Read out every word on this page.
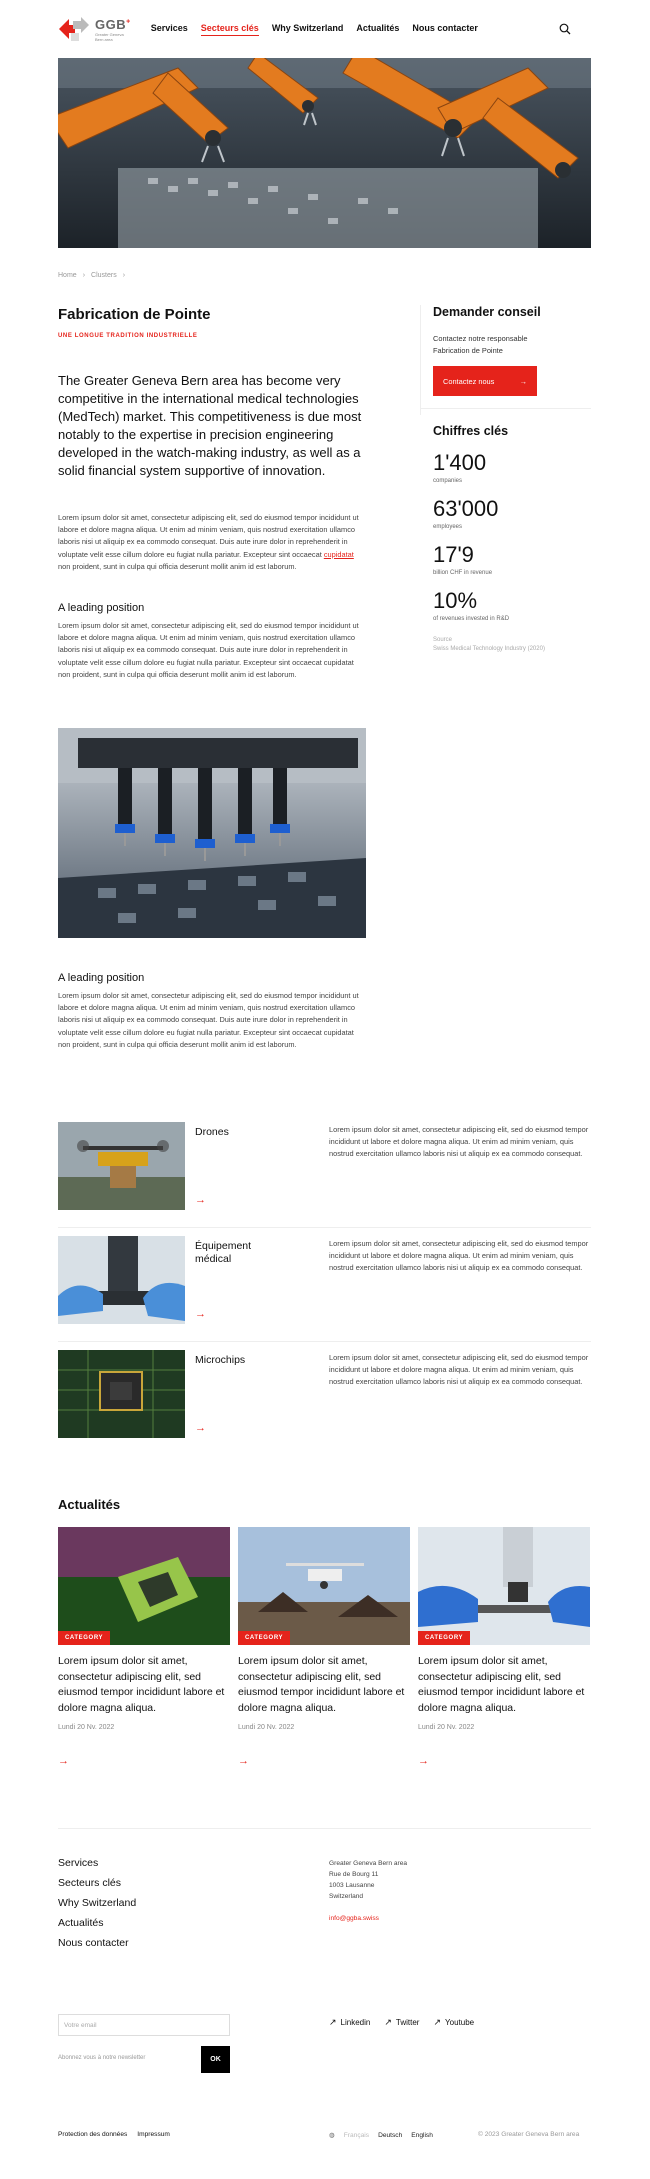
GGB+
Greater Geneva Bern area
Services Secteurs clés Why Switzerland Actualités Nous contacter
Home › Clusters ›
Fabrication de Pointe
UNE LONGUE TRADITION INDUSTRIELLE

The Greater Geneva Bern area has become very competitive in the international medical technologies (MedTech) market. This competitiveness is due most notably to the expertise in precision engineering developed in the watch-making industry, as well as a solid financial system supportive of innovation.

Lorem ipsum dolor sit amet, consectetur adipiscing elit, sed do eiusmod tempor incididunt ut labore et dolore magna aliqua. Ut enim ad minim veniam, quis nostrud exercitation ullamco laboris nisi ut aliquip ex ea commodo consequat. Duis aute irure dolor in reprehenderit in voluptate velit esse cillum dolore eu fugiat nulla pariatur. Excepteur sint occaecat cupidatat non proident, sunt in culpa qui officia deserunt mollit anim id est laborum.

A leading position

Lorem ipsum dolor sit amet, consectetur adipiscing elit, sed do eiusmod tempor incididunt ut labore et dolore magna aliqua. Ut enim ad minim veniam, quis nostrud exercitation ullamco laboris nisi ut aliquip ex ea commodo consequat. Duis aute irure dolor in reprehenderit in voluptate velit esse cillum dolore eu fugiat nulla pariatur. Excepteur sint occaecat cupidatat non proident, sunt in culpa qui officia deserunt mollit anim id est laborum.

A leading position

Lorem ipsum dolor sit amet, consectetur adipiscing elit, sed do eiusmod tempor incididunt ut labore et dolore magna aliqua. Ut enim ad minim veniam, quis nostrud exercitation ullamco laboris nisi ut aliquip ex ea commodo consequat. Duis aute irure dolor in reprehenderit in voluptate velit esse cillum dolore eu fugiat nulla pariatur. Excepteur sint occaecat cupidatat non proident, sunt in culpa qui officia deserunt mollit anim id est laborum.

Demander conseil
Contactez notre responsable Fabrication de Pointe
Contactez nous	→
Chiffres clés
1'400
companies
63'000
employees
17'9
billion CHF in revenue
10%
of revenues invested in R&D
Source
Swiss Medical Technology Industry (2020)
Drones
→
Lorem ipsum dolor sit amet, consectetur adipiscing elit, sed do eiusmod tempor incididunt ut labore et dolore magna aliqua. Ut enim ad minim veniam, quis nostrud exercitation ullamco laboris nisi ut aliquip ex ea commodo consequat.
Équipement médical
→
Lorem ipsum dolor sit amet, consectetur adipiscing elit, sed do eiusmod tempor incididunt ut labore et dolore magna aliqua. Ut enim ad minim veniam, quis nostrud exercitation ullamco laboris nisi ut aliquip ex ea commodo consequat.
Microchips
→
Lorem ipsum dolor sit amet, consectetur adipiscing elit, sed do eiusmod tempor incididunt ut labore et dolore magna aliqua. Ut enim ad minim veniam, quis nostrud exercitation ullamco laboris nisi ut aliquip ex ea commodo consequat.
Actualités
CATEGORY
Lorem ipsum dolor sit amet, consectetur adipiscing elit, sed eiusmod tempor incididunt labore et dolore magna aliqua.
Lundi 20 Nv. 2022
→
CATEGORY
Lorem ipsum dolor sit amet, consectetur adipiscing elit, sed eiusmod tempor incididunt labore et dolore magna aliqua.
Lundi 20 Nv. 2022
→
CATEGORY
Lorem ipsum dolor sit amet, consectetur adipiscing elit, sed eiusmod tempor incididunt labore et dolore magna aliqua.
Lundi 20 Nv. 2022
→
Services
Secteurs clés
Why Switzerland
Actualités
Nous contacter
Greater Geneva Bern area
Rue de Bourg 11
1003 Lausanne
Switzerland
info@ggba.swiss
Votre email
Abonnez vous à notre newsletter	OK
↗ Linkedin ↗ Twitter ↗ Youtube
Protection des données Impressum	◍ Français Deutsch English	© 2023 Greater Geneva Bern area
